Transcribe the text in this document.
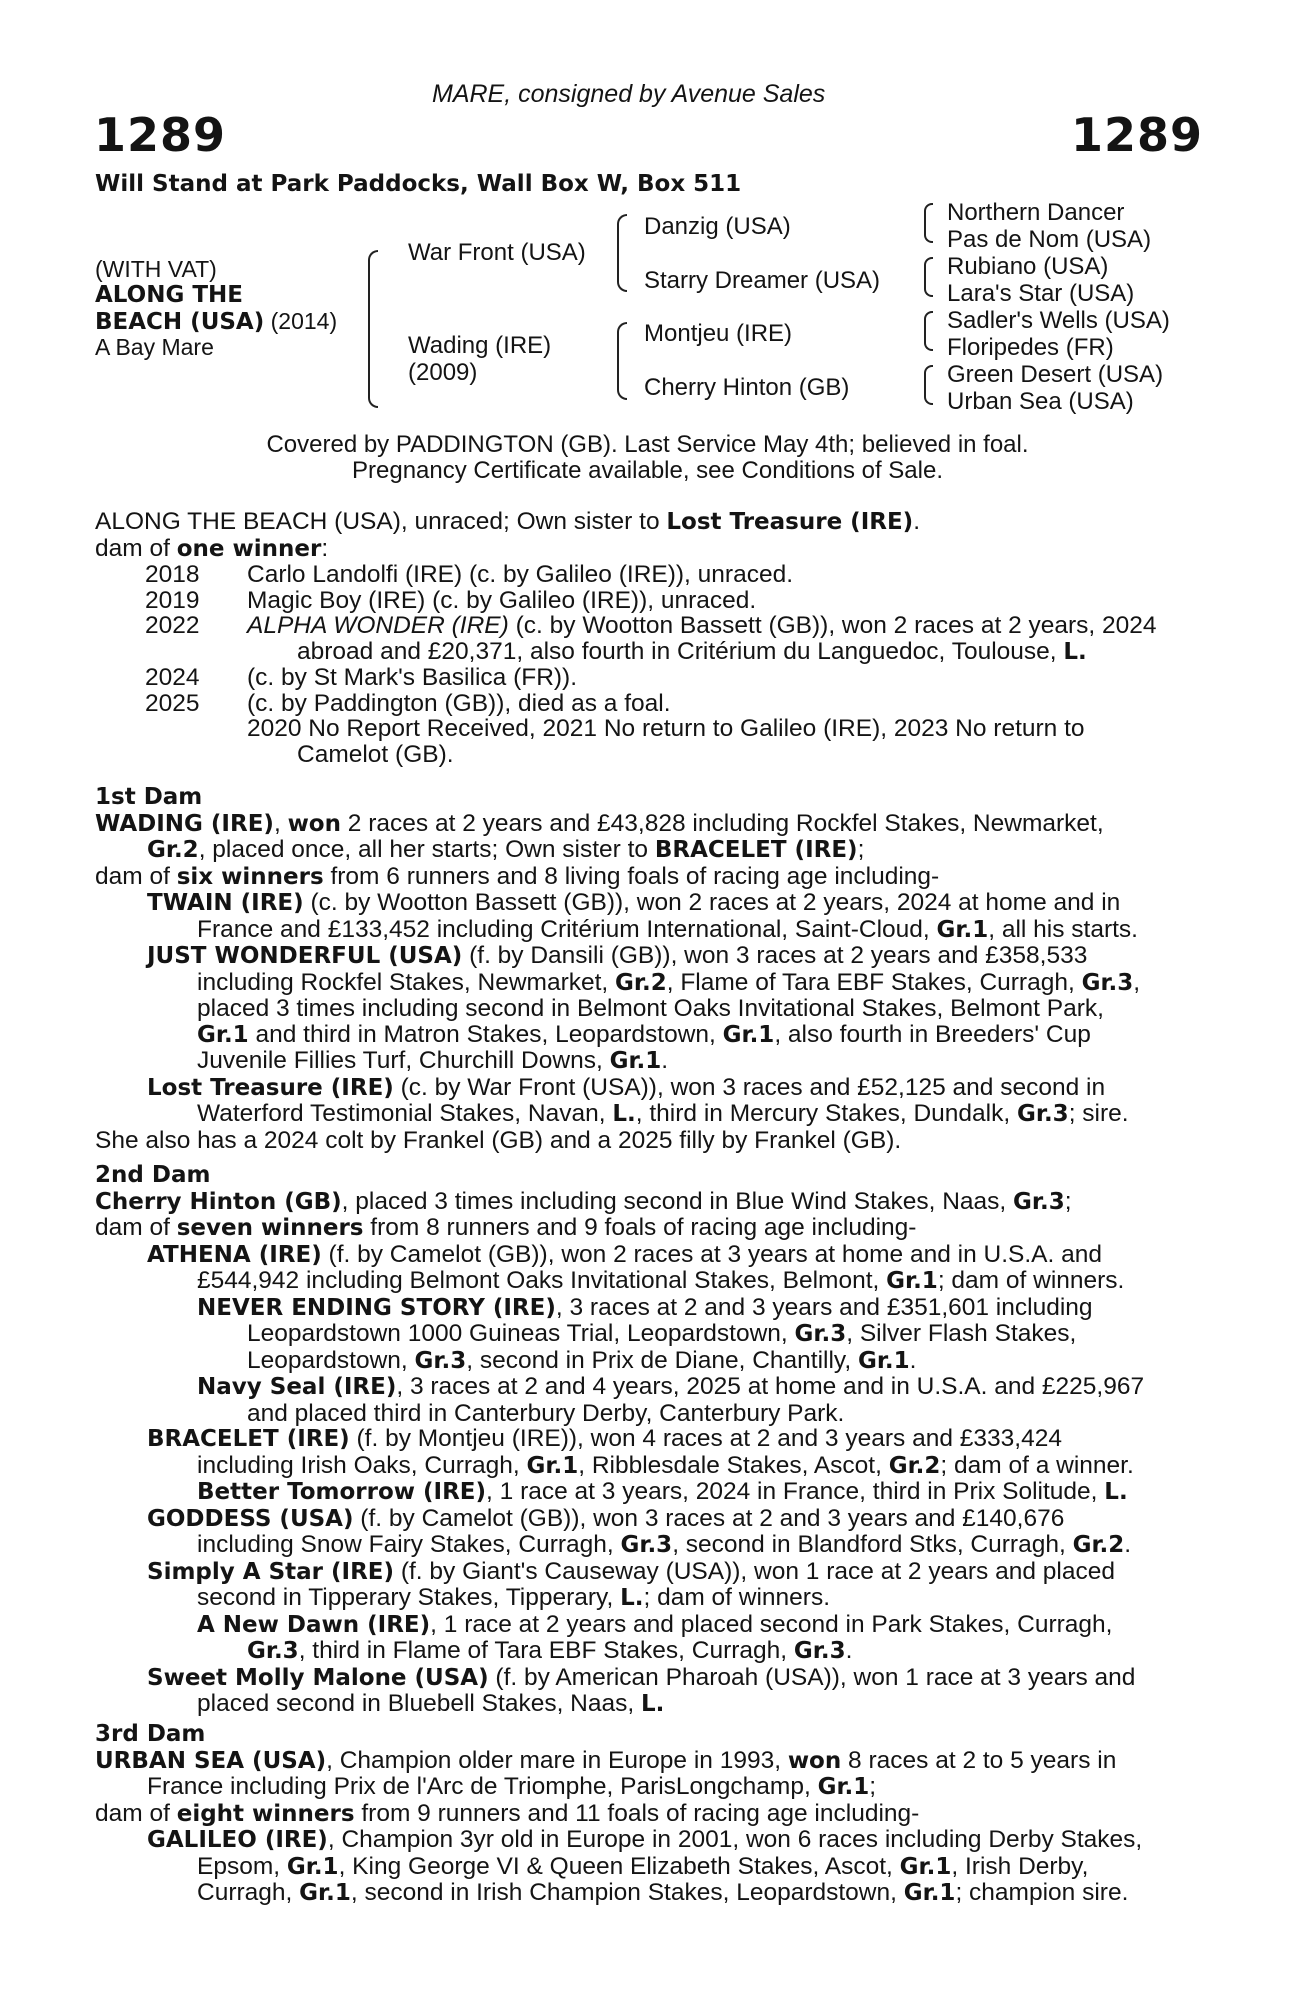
MARE, consigned by Avenue Sales
1289	1289
Will Stand at Park Paddocks, Wall Box W, Box 511
(WITH VAT)
ALONG THE
BEACH (USA) (2014)
A Bay Mare
War Front (USA)
Wading (IRE)
(2009)
Danzig (USA)
Starry Dreamer (USA)
Montjeu (IRE)
Cherry Hinton (GB)
Northern Dancer
Pas de Nom (USA)
Rubiano (USA)
Lara's Star (USA)
Sadler's Wells (USA)
Floripedes (FR)
Green Desert (USA)
Urban Sea (USA)
Covered by PADDINGTON (GB). Last Service May 4th; believed in foal.
Pregnancy Certificate available, see Conditions of Sale.
ALONG THE BEACH (USA), unraced; Own sister to Lost Treasure (IRE).
dam of one winner:
2018 Carlo Landolfi (IRE) (c. by Galileo (IRE)), unraced.
2019 Magic Boy (IRE) (c. by Galileo (IRE)), unraced.
2022 ALPHA WONDER (IRE) (c. by Wootton Bassett (GB)), won 2 races at 2 years, 2024
abroad and £20,371, also fourth in Critérium du Languedoc, Toulouse, L.
2024 (c. by St Mark's Basilica (FR)).
2025 (c. by Paddington (GB)), died as a foal.
2020 No Report Received, 2021 No return to Galileo (IRE), 2023 No return to
Camelot (GB).
1st Dam
WADING (IRE), won 2 races at 2 years and £43,828 including Rockfel Stakes, Newmarket,
Gr.2, placed once, all her starts; Own sister to BRACELET (IRE);
dam of six winners from 6 runners and 8 living foals of racing age including-
TWAIN (IRE) (c. by Wootton Bassett (GB)), won 2 races at 2 years, 2024 at home and in
France and £133,452 including Critérium International, Saint-Cloud, Gr.1, all his starts.
JUST WONDERFUL (USA) (f. by Dansili (GB)), won 3 races at 2 years and £358,533
including Rockfel Stakes, Newmarket, Gr.2, Flame of Tara EBF Stakes, Curragh, Gr.3,
placed 3 times including second in Belmont Oaks Invitational Stakes, Belmont Park,
Gr.1 and third in Matron Stakes, Leopardstown, Gr.1, also fourth in Breeders' Cup
Juvenile Fillies Turf, Churchill Downs, Gr.1.
Lost Treasure (IRE) (c. by War Front (USA)), won 3 races and £52,125 and second in
Waterford Testimonial Stakes, Navan, L., third in Mercury Stakes, Dundalk, Gr.3; sire.
She also has a 2024 colt by Frankel (GB) and a 2025 filly by Frankel (GB).
2nd Dam
Cherry Hinton (GB), placed 3 times including second in Blue Wind Stakes, Naas, Gr.3;
dam of seven winners from 8 runners and 9 foals of racing age including-
ATHENA (IRE) (f. by Camelot (GB)), won 2 races at 3 years at home and in U.S.A. and
£544,942 including Belmont Oaks Invitational Stakes, Belmont, Gr.1; dam of winners.
NEVER ENDING STORY (IRE), 3 races at 2 and 3 years and £351,601 including
Leopardstown 1000 Guineas Trial, Leopardstown, Gr.3, Silver Flash Stakes,
Leopardstown, Gr.3, second in Prix de Diane, Chantilly, Gr.1.
Navy Seal (IRE), 3 races at 2 and 4 years, 2025 at home and in U.S.A. and £225,967
and placed third in Canterbury Derby, Canterbury Park.
BRACELET (IRE) (f. by Montjeu (IRE)), won 4 races at 2 and 3 years and £333,424
including Irish Oaks, Curragh, Gr.1, Ribblesdale Stakes, Ascot, Gr.2; dam of a winner.
Better Tomorrow (IRE), 1 race at 3 years, 2024 in France, third in Prix Solitude, L.
GODDESS (USA) (f. by Camelot (GB)), won 3 races at 2 and 3 years and £140,676
including Snow Fairy Stakes, Curragh, Gr.3, second in Blandford Stks, Curragh, Gr.2.
Simply A Star (IRE) (f. by Giant's Causeway (USA)), won 1 race at 2 years and placed
second in Tipperary Stakes, Tipperary, L.; dam of winners.
A New Dawn (IRE), 1 race at 2 years and placed second in Park Stakes, Curragh,
Gr.3, third in Flame of Tara EBF Stakes, Curragh, Gr.3.
Sweet Molly Malone (USA) (f. by American Pharoah (USA)), won 1 race at 3 years and
placed second in Bluebell Stakes, Naas, L.
3rd Dam
URBAN SEA (USA), Champion older mare in Europe in 1993, won 8 races at 2 to 5 years in
France including Prix de l'Arc de Triomphe, ParisLongchamp, Gr.1;
dam of eight winners from 9 runners and 11 foals of racing age including-
GALILEO (IRE), Champion 3yr old in Europe in 2001, won 6 races including Derby Stakes,
Epsom, Gr.1, King George VI & Queen Elizabeth Stakes, Ascot, Gr.1, Irish Derby,
Curragh, Gr.1, second in Irish Champion Stakes, Leopardstown, Gr.1; champion sire.
